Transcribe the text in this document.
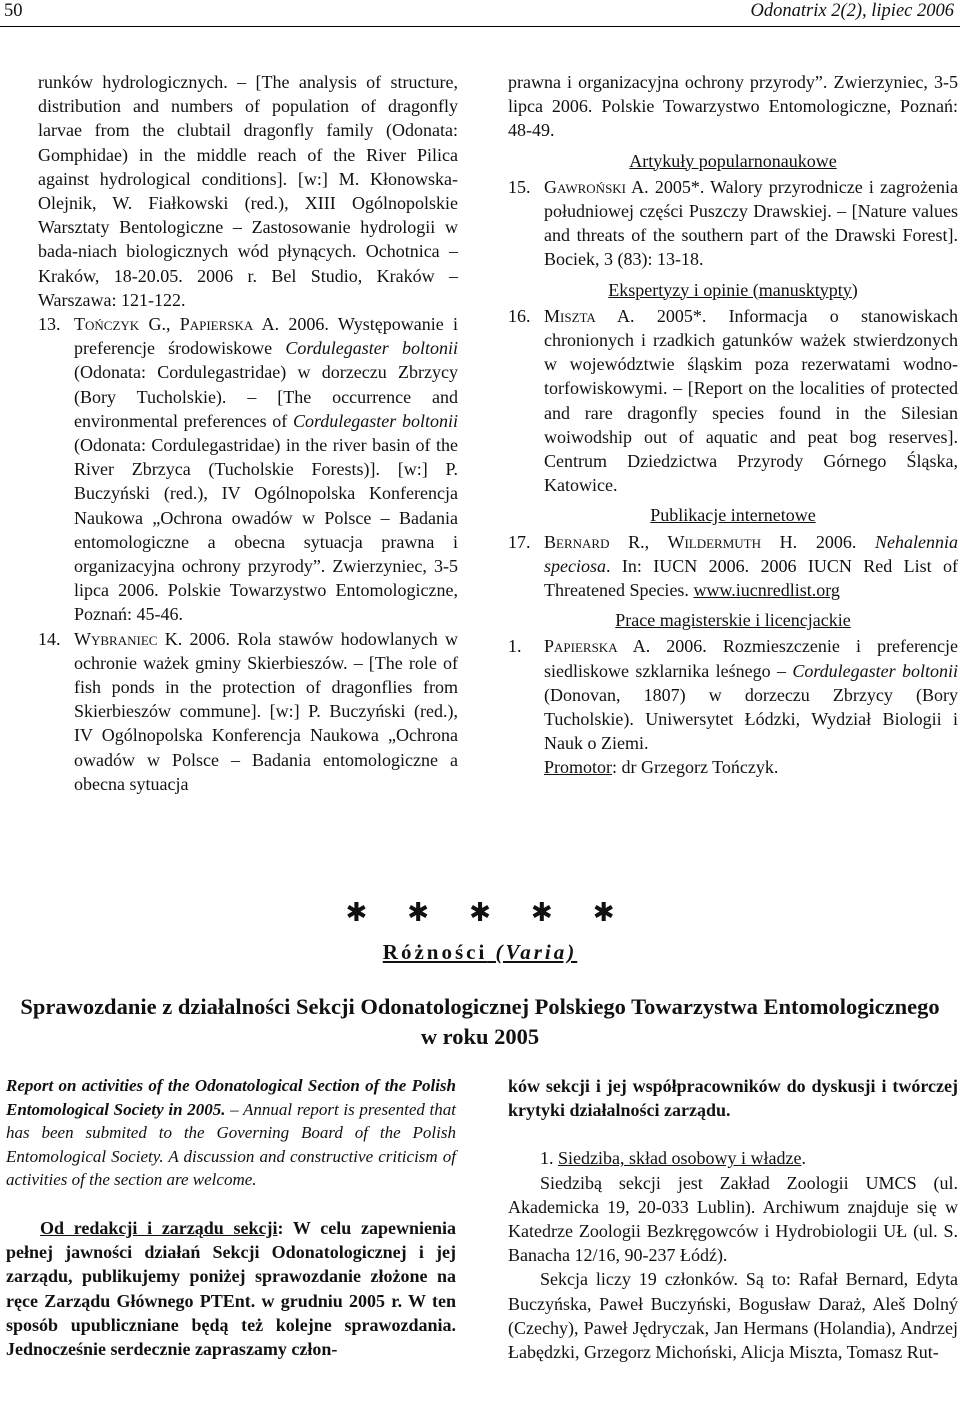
50	Odonatrix 2(2), lipiec 2006

runków hydrologicznych. – [The analysis of structure, distribution and numbers of population of dragonfly larvae from the clubtail dragonfly family (Odonata: Gomphidae) in the middle reach of the River Pilica against hydrological conditions]. [w:] M. Kłonowska-Olejnik, W. Fiałkowski (red.), XIII Ogólnopolskie Warsztaty Bentologiczne – Zastosowanie hydrologii w bada-niach biologicznych wód płynących. Ochotnica – Kraków, 18-20.05. 2006 r. Bel Studio, Kraków – Warszawa: 121-122.

13. Tończyk G., Papierska A. 2006. Występowanie i preferencje środowiskowe Cordulegaster boltonii (Odonata: Cordulegastridae) w dorzeczu Zbrzycy (Bory Tucholskie). – [The occurrence and environmental preferences of Cordulegaster boltonii (Odonata: Cordulegastridae) in the river basin of the River Zbrzyca (Tucholskie Forests)]. [w:] P. Buczyński (red.), IV Ogólnopolska Konferencja Naukowa „Ochrona owadów w Polsce – Badania entomologiczne a obecna sytuacja prawna i organizacyjna ochrony przyrody”. Zwierzyniec, 3-5 lipca 2006. Polskie Towarzystwo Entomologiczne, Poznań: 45-46.

14. Wybraniec K. 2006. Rola stawów hodowlanych w ochronie ważek gminy Skierbieszów. – [The role of fish ponds in the protection of dragonflies from Skierbieszów commune]. [w:] P. Buczyński (red.), IV Ogólnopolska Konferencja Naukowa „Ochrona owadów w Polsce – Badania entomologiczne a obecna sytuacja

prawna i organizacyjna ochrony przyrody”. Zwierzyniec, 3-5 lipca 2006. Polskie Towarzystwo Entomologiczne, Poznań: 48-49.

Artykuły popularnonaukowe

15. Gawroński A. 2005*. Walory przyrodnicze i zagrożenia południowej części Puszczy Drawskiej. – [Nature values and threats of the southern part of the Drawski Forest]. Bociek, 3 (83): 13-18.

Ekspertyzy i opinie (manusktypty)

16. Miszta A. 2005*. Informacja o stanowiskach chronionych i rzadkich gatunków ważek stwierdzonych w województwie śląskim poza rezerwatami wodno-torfowiskowymi. – [Report on the localities of protected and rare dragonfly species found in the Silesian woiwodship out of aquatic and peat bog reserves]. Centrum Dziedzictwa Przyrody Górnego Śląska, Katowice.

Publikacje internetowe

17. Bernard R., Wildermuth H. 2006. Nehalennia speciosa. In: IUCN 2006. 2006 IUCN Red List of Threatened Species. www.iucnredlist.org

Prace magisterskie i licencjackie

1. Papierska A. 2006. Rozmieszczenie i preferencje siedliskowe szklarnika leśnego – Cordulegaster boltonii (Donovan, 1807) w dorzeczu Zbrzycy (Bory Tucholskie). Uniwersytet Łódzki, Wydział Biologii i Nauk o Ziemi.
Promotor: dr Grzegorz Tończyk.

✱ ✱ ✱ ✱ ✱
Różności (Varia)
Sprawozdanie z działalności Sekcji Odonatologicznej Polskiego Towarzystwa Entomologicznego w roku 2005

Report on activities of the Odonatological Section of the Polish Entomological Society in 2005. – Annual report is presented that has been submited to the Governing Board of the Polish Entomological Society. A discussion and constructive criticism of activities of the section are welcome.

Od redakcji i zarządu sekcji: W celu zapewnienia pełnej jawności działań Sekcji Odonatologicznej i jej zarządu, publikujemy poniżej sprawozdanie złożone na ręce Zarządu Głównego PTEnt. w grudniu 2005 r. W ten sposób upubliczniane będą też kolejne sprawozdania. Jednocześnie serdecznie zapraszamy człon-

ków sekcji i jej współpracowników do dyskusji i twórczej krytyki działalności zarządu.

1. Siedziba, skład osobowy i władze.

Siedzibą sekcji jest Zakład Zoologii UMCS (ul. Akademicka 19, 20-033 Lublin). Archiwum znajduje się w Katedrze Zoologii Bezkręgowców i Hydrobiologii UŁ (ul. S. Banacha 12/16, 90-237 Łódź).

Sekcja liczy 19 członków. Są to: Rafał Bernard, Edyta Buczyńska, Paweł Buczyński, Bogusław Daraż, Aleš Dolný (Czechy), Paweł Jędryczak, Jan Hermans (Holandia), Andrzej Łabędzki, Grzegorz Michoński, Alicja Miszta, Tomasz Rut-
